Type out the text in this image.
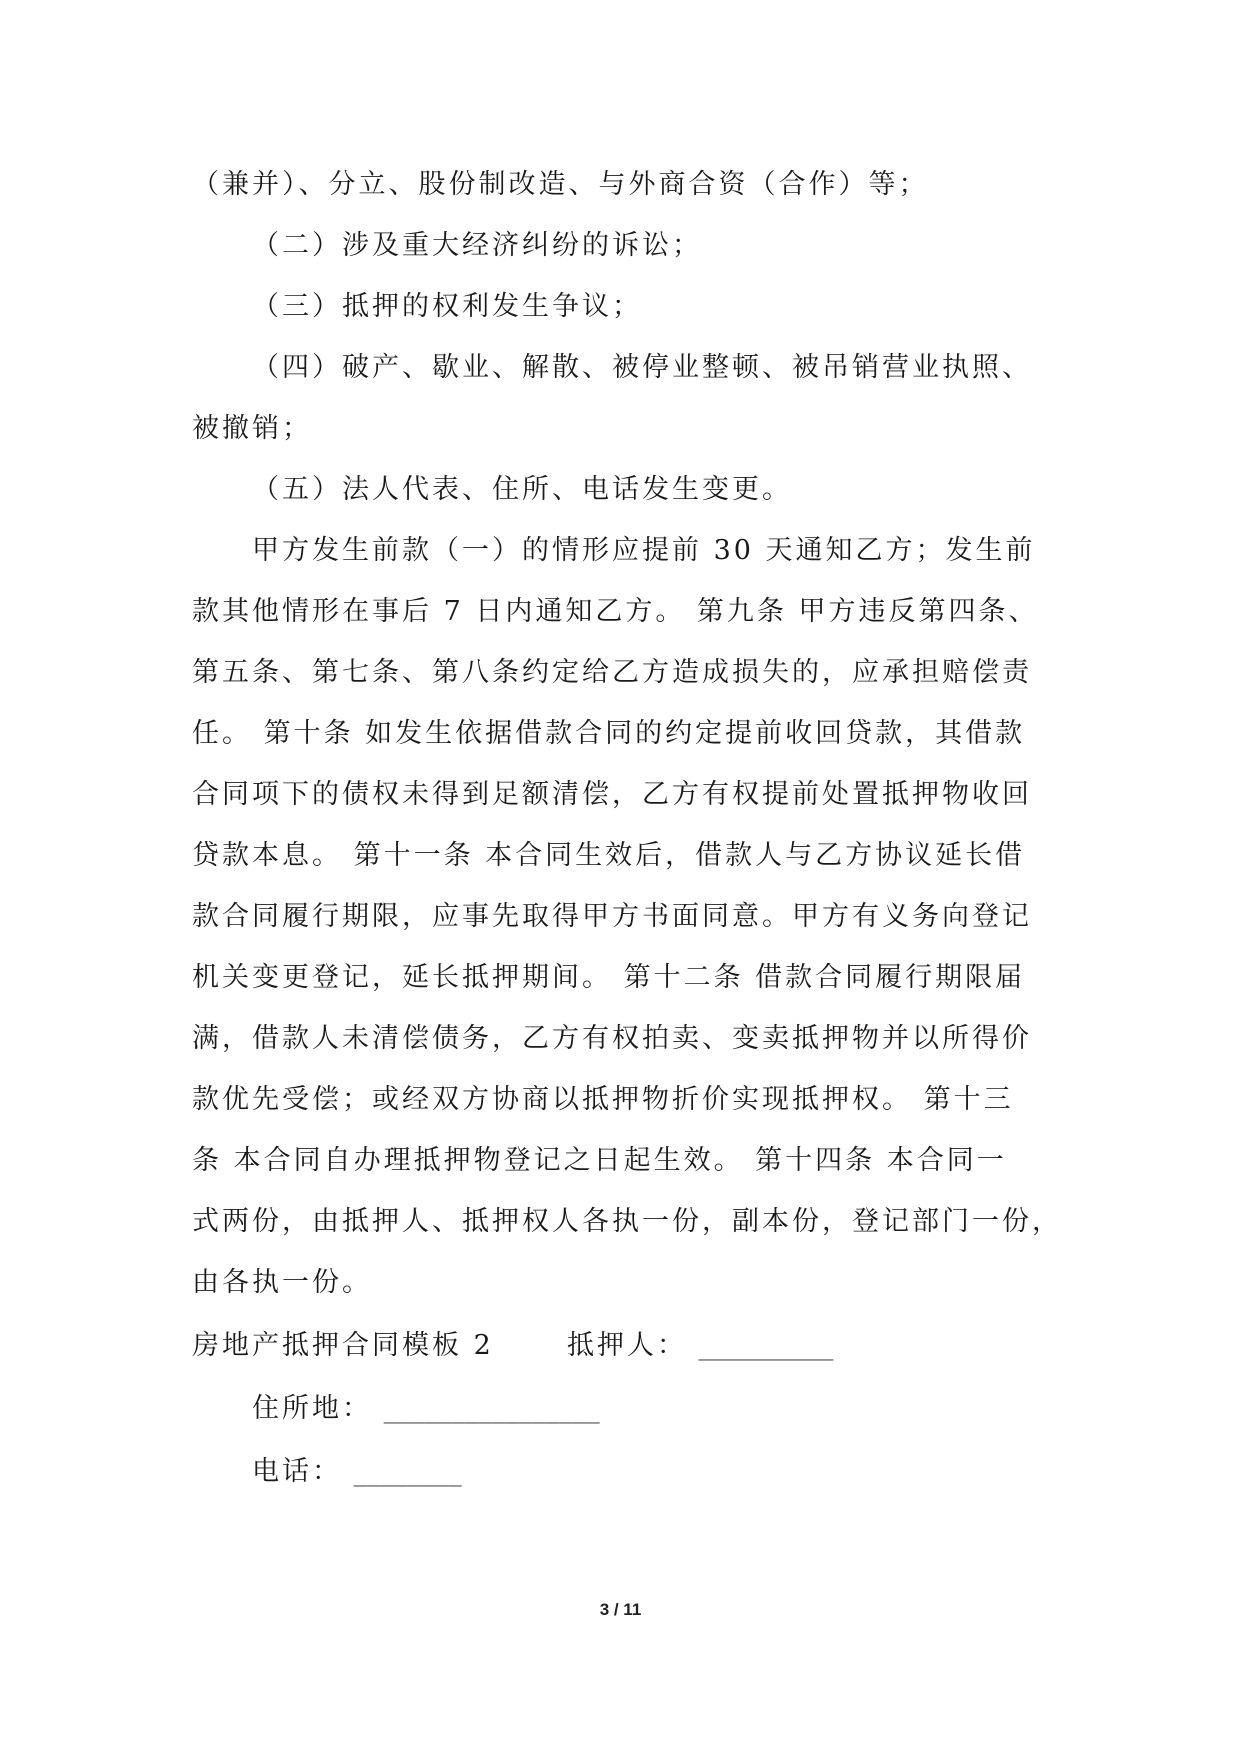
（兼并）、分立、股份制改造、与外商合资（合作）等；
（二）涉及重大经济纠纷的诉讼；
（三）抵押的权利发生争议；
（四）破产、歇业、解散、被停业整顿、被吊销营业执照、
被撤销；
（五）法人代表、住所、电话发生变更。
甲方发生前款（一）的情形应提前 30 天通知乙方；发生前
款其他情形在事后 7 日内通知乙方。 第九条 甲方违反第四条、
第五条、第七条、第八条约定给乙方造成损失的，应承担赔偿责
任。 第十条 如发生依据借款合同的约定提前收回贷款，其借款
合同项下的债权未得到足额清偿，乙方有权提前处置抵押物收回
贷款本息。 第十一条 本合同生效后，借款人与乙方协议延长借
款合同履行期限，应事先取得甲方书面同意。甲方有义务向登记
机关变更登记，延长抵押期间。 第十二条 借款合同履行期限届
满，借款人未清偿债务，乙方有权拍卖、变卖抵押物并以所得价
款优先受偿；或经双方协商以抵押物折价实现抵押权。 第十三
条 本合同自办理抵押物登记之日起生效。 第十四条 本合同一
式两份，由抵押人、抵押权人各执一份，副本份，登记部门一份，
由各执一份。
房地产抵押合同模板 2	抵押人： __________
住所地： ________________
电话： ________
3 / 11
